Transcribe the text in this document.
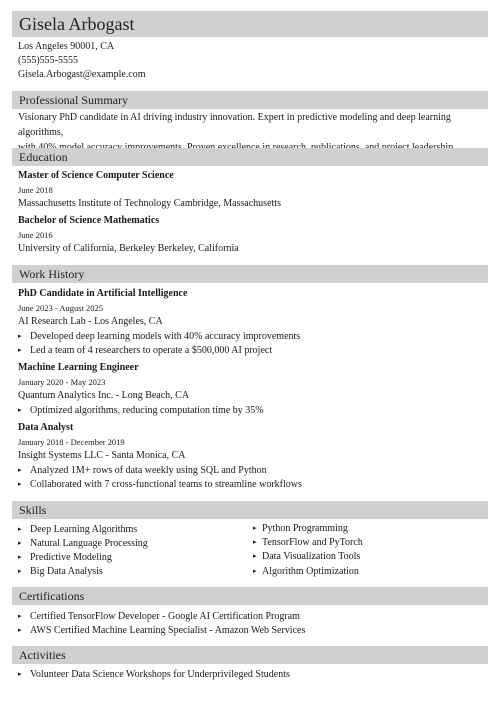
Gisela Arbogast
Los Angeles 90001, CA
(555)555-5555
Gisela.Arbogast@example.com
Professional Summary
Visionary PhD candidate in AI driving industry innovation. Expert in predictive modeling and deep learning algorithms,
Education
Master of Science Computer Science
June 2018
Massachusetts Institute of Technology Cambridge, Massachusetts
Bachelor of Science Mathematics
June 2016
University of California, Berkeley Berkeley, California
Work History
PhD Candidate in Artificial Intelligence
June 2023 - August 2025
AI Research Lab - Los Angeles, CA
▸ Developed deep learning models with 40% accuracy improvements
▸ Led a team of 4 researchers to operate a $500,000 AI project
Machine Learning Engineer
January 2020 - May 2023
Quantum Analytics Inc. - Long Beach, CA
▸ Optimized algorithms, reducing computation time by 35%
Data Analyst
January 2018 - December 2019
Insight Systems LLC - Santa Monica, CA
▸ Analyzed 1M+ rows of data weekly using SQL and Python
▸ Collaborated with 7 cross-functional teams to streamline workflows
Skills
▸ Deep Learning Algorithms
▸ Natural Language Processing
▸ Predictive Modeling
▸ Big Data Analysis
▸ Python Programming
▸ TensorFlow and PyTorch
▸ Data Visualization Tools
▸ Algorithm Optimization
Certifications
▸ Certified TensorFlow Developer - Google AI Certification Program
▸ AWS Certified Machine Learning Specialist - Amazon Web Services
Activities
▸ Volunteer Data Science Workshops for Underprivileged Students
